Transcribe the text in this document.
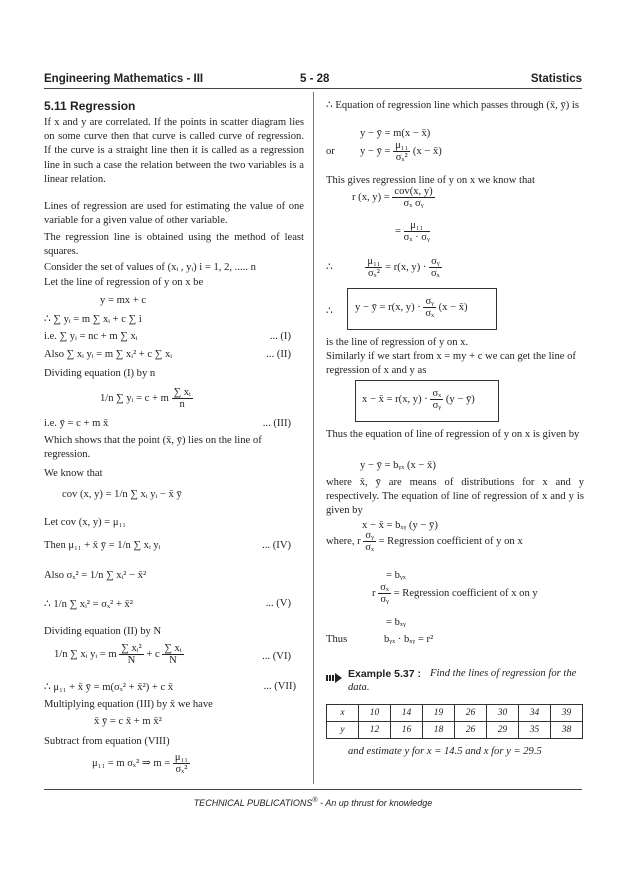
Engineering Mathematics - III	5 - 28	Statistics
5.11 Regression
If x and y are correlated. If the points in scatter diagram lies on some curve then that curve is called curve of regression. If the curve is a straight line then it is called as a regression line in such a case the relation between the two variables is a linear relation.
Lines of regression are used for estimating the value of one variable for a given value of other variable.
The regression line is obtained using the method of least squares.
Consider the set of values of (xᵢ , yᵢ) i = 1, 2, ..... n
Let the line of regression of y on x be
y = mx + c
∴ ∑ yᵢ = m ∑ xᵢ + c ∑ i
i.e. ∑ yᵢ = nc + m ∑ xᵢ	... (I)
Also ∑ xᵢ yᵢ = m ∑ xᵢ² + c ∑ xᵢ	... (II)
Dividing equation (I) by n
1/n ∑ yᵢ = c + m $\frac{\text{∑ xᵢ}}{n}$
i.e. ȳ = c + m x̄	... (III)
Which shows that the point (x̄, ȳ) lies on the line of regression.
We know that
cov (x, y) = 1/n ∑ xᵢ yᵢ − x̄ ȳ
Let cov (x, y) = μ₁₁
Then μ₁₁ + x̄ ȳ = 1/n ∑ xᵢ yᵢ	... (IV)
Also σₓ² = 1/n ∑ xᵢ² − x̄²
∴ 1/n ∑ xᵢ² = σₓ² + x̄²	... (V)
Dividing equation (II) by N
1/n ∑ xᵢ yᵢ = m $\frac{\text{∑ xᵢ²}}{N} + c \frac{\text{∑ xᵢ}}{N}$	... (VI)
∴ μ₁₁ + x̄ ȳ = m(σₓ² + x̄²) + c x̄	... (VII)
Multiplying equation (III) by x̄ we have
x̄ ȳ = c x̄ + m x̄²
Subtract from equation (VIII)
μ₁₁ = m σₓ² ⇒ $m = \frac{\text{μ₁₁}}{\text{σₓ²}}$
∴ Equation of regression line which passes through (x̄, ȳ) is
y − ȳ = m(x − x̄)
or y − ȳ = $\frac{\text{μ₁₁}}{\text{σₓ²}} (x$ − x̄)
This gives regression line of y on x we know that
r (x, $y) = \frac{\text{cov(x, y)}}{\text{σₓ σᵧ}}$
= $\frac{\text{μ₁₁}}{\text{σₓ · σᵧ}}$
∴	$\frac{\text{μ₁₁}}{\text{σₓ²}} = r(x$, $y) \cdot \frac{\text{σᵧ}}{\text{σₓ}}$
∴ y − ȳ = r(x, $y) \cdot \frac{\text{σᵧ}}{\text{σₓ}} (x$ − x̄)
is the line of regression of y on x.
Similarly if we start from x = my + c we can get the line of regression of x and y as
x − x̄ = r(x, $y) \cdot \frac{\text{σₓ}}{\text{σᵧ}} (y$ − ȳ)
Thus the equation of line of regression of y on x is given by
y − ȳ = bᵧₓ (x − x̄)
where x̄, ȳ are means of distributions for x and y respectively. The equation of line of regression of x and y is given by
x − x̄ = bₓᵧ (y − ȳ)
where, r $\frac{\text{σᵧ}}{\text{σₓ}}$ = Regression coefficient of y on x
= bᵧₓ
r $\frac{\text{σₓ}}{\text{σᵧ}}$ = Regression coefficient of x on y
= bₓᵧ
Thus	bᵧₓ · bₓᵧ = r²
Example 5.37 : Find the lines of regression for the data.
x	10	14	19	26	30	34	39
y	12	16	18	26	29	35	38
and estimate y for x = 14.5 and x for y = 29.5
TECHNICAL PUBLICATIONS® - An up thrust for knowledge
